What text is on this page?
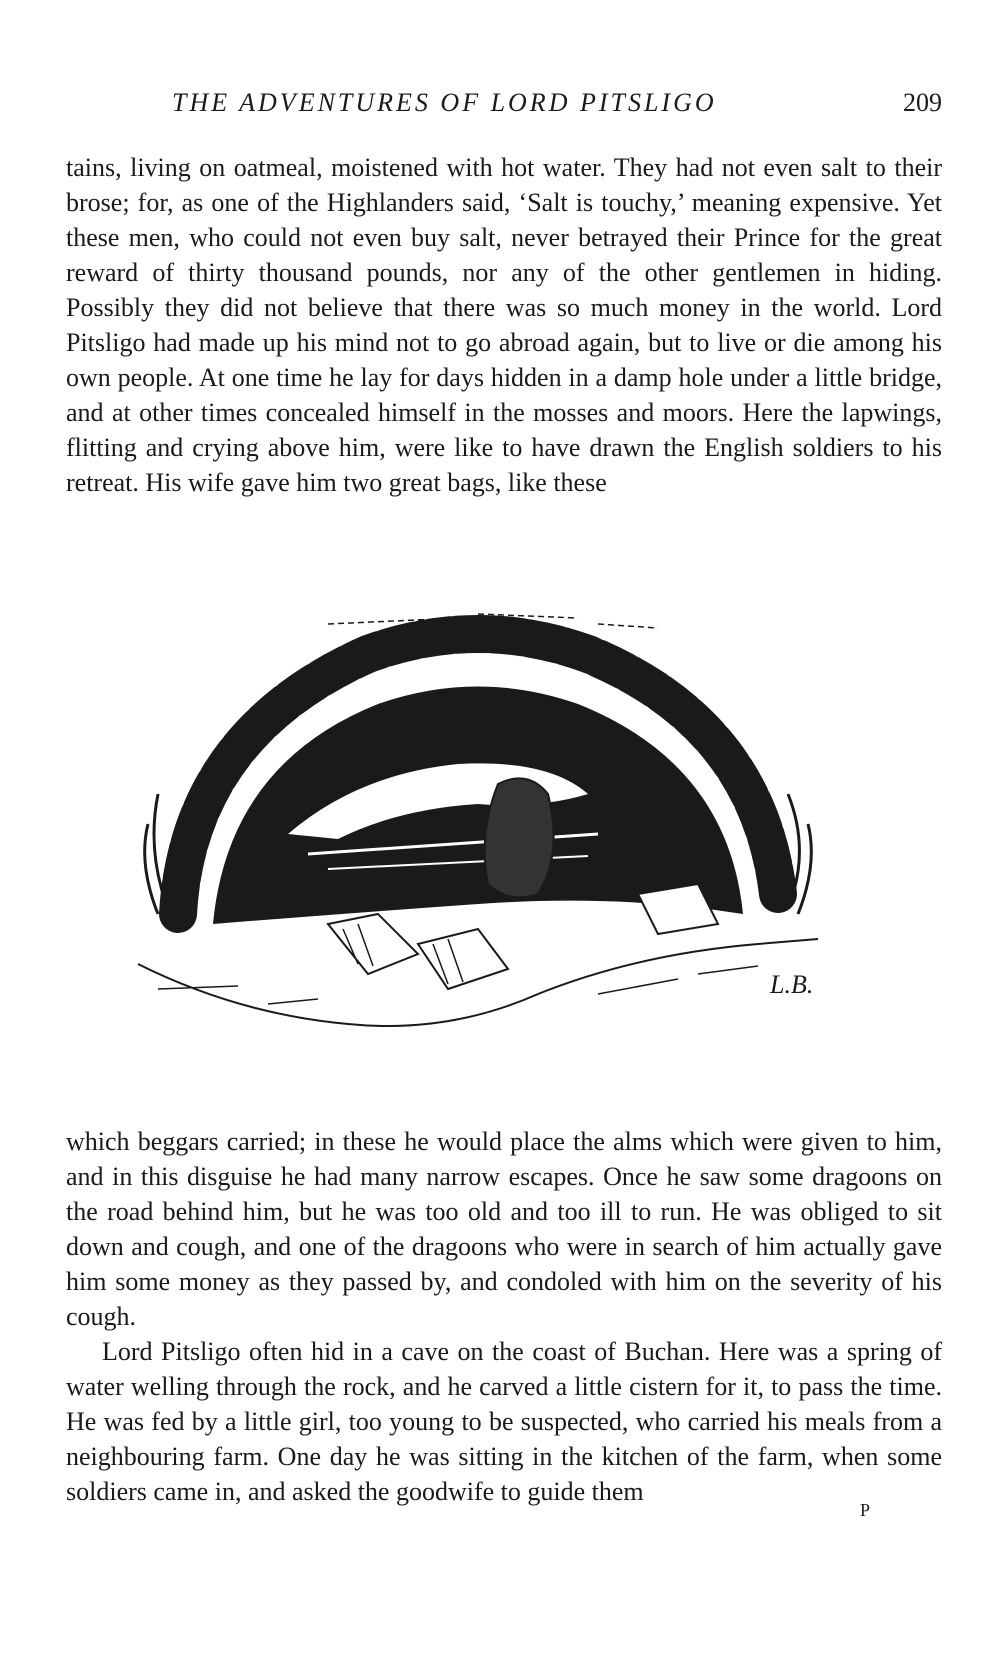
THE ADVENTURES OF LORD PITSLIGO	209

tains, living on oatmeal, moistened with hot water. They had not even salt to their brose; for, as one of the Highlanders said, ‘Salt is touchy,’ meaning expensive. Yet these men, who could not even buy salt, never betrayed their Prince for the great reward of thirty thousand pounds, nor any of the other gentlemen in hiding. Possibly they did not believe that there was so much money in the world. Lord Pitsligo had made up his mind not to go abroad again, but to live or die among his own people. At one time he lay for days hidden in a damp hole under a little bridge, and at other times concealed himself in the mosses and moors. Here the lapwings, flitting and crying above him, were like to have drawn the English soldiers to his retreat. His wife gave him two great bags, like these

L.B.

which beggars carried; in these he would place the alms which were given to him, and in this disguise he had many narrow escapes. Once he saw some dragoons on the road behind him, but he was too old and too ill to run. He was obliged to sit down and cough, and one of the dragoons who were in search of him actually gave him some money as they passed by, and condoled with him on the severity of his cough.

Lord Pitsligo often hid in a cave on the coast of Buchan. Here was a spring of water welling through the rock, and he carved a little cistern for it, to pass the time. He was fed by a little girl, too young to be suspected, who carried his meals from a neighbouring farm. One day he was sitting in the kitchen of the farm, when some soldiers came in, and asked the goodwife to guide them

P
